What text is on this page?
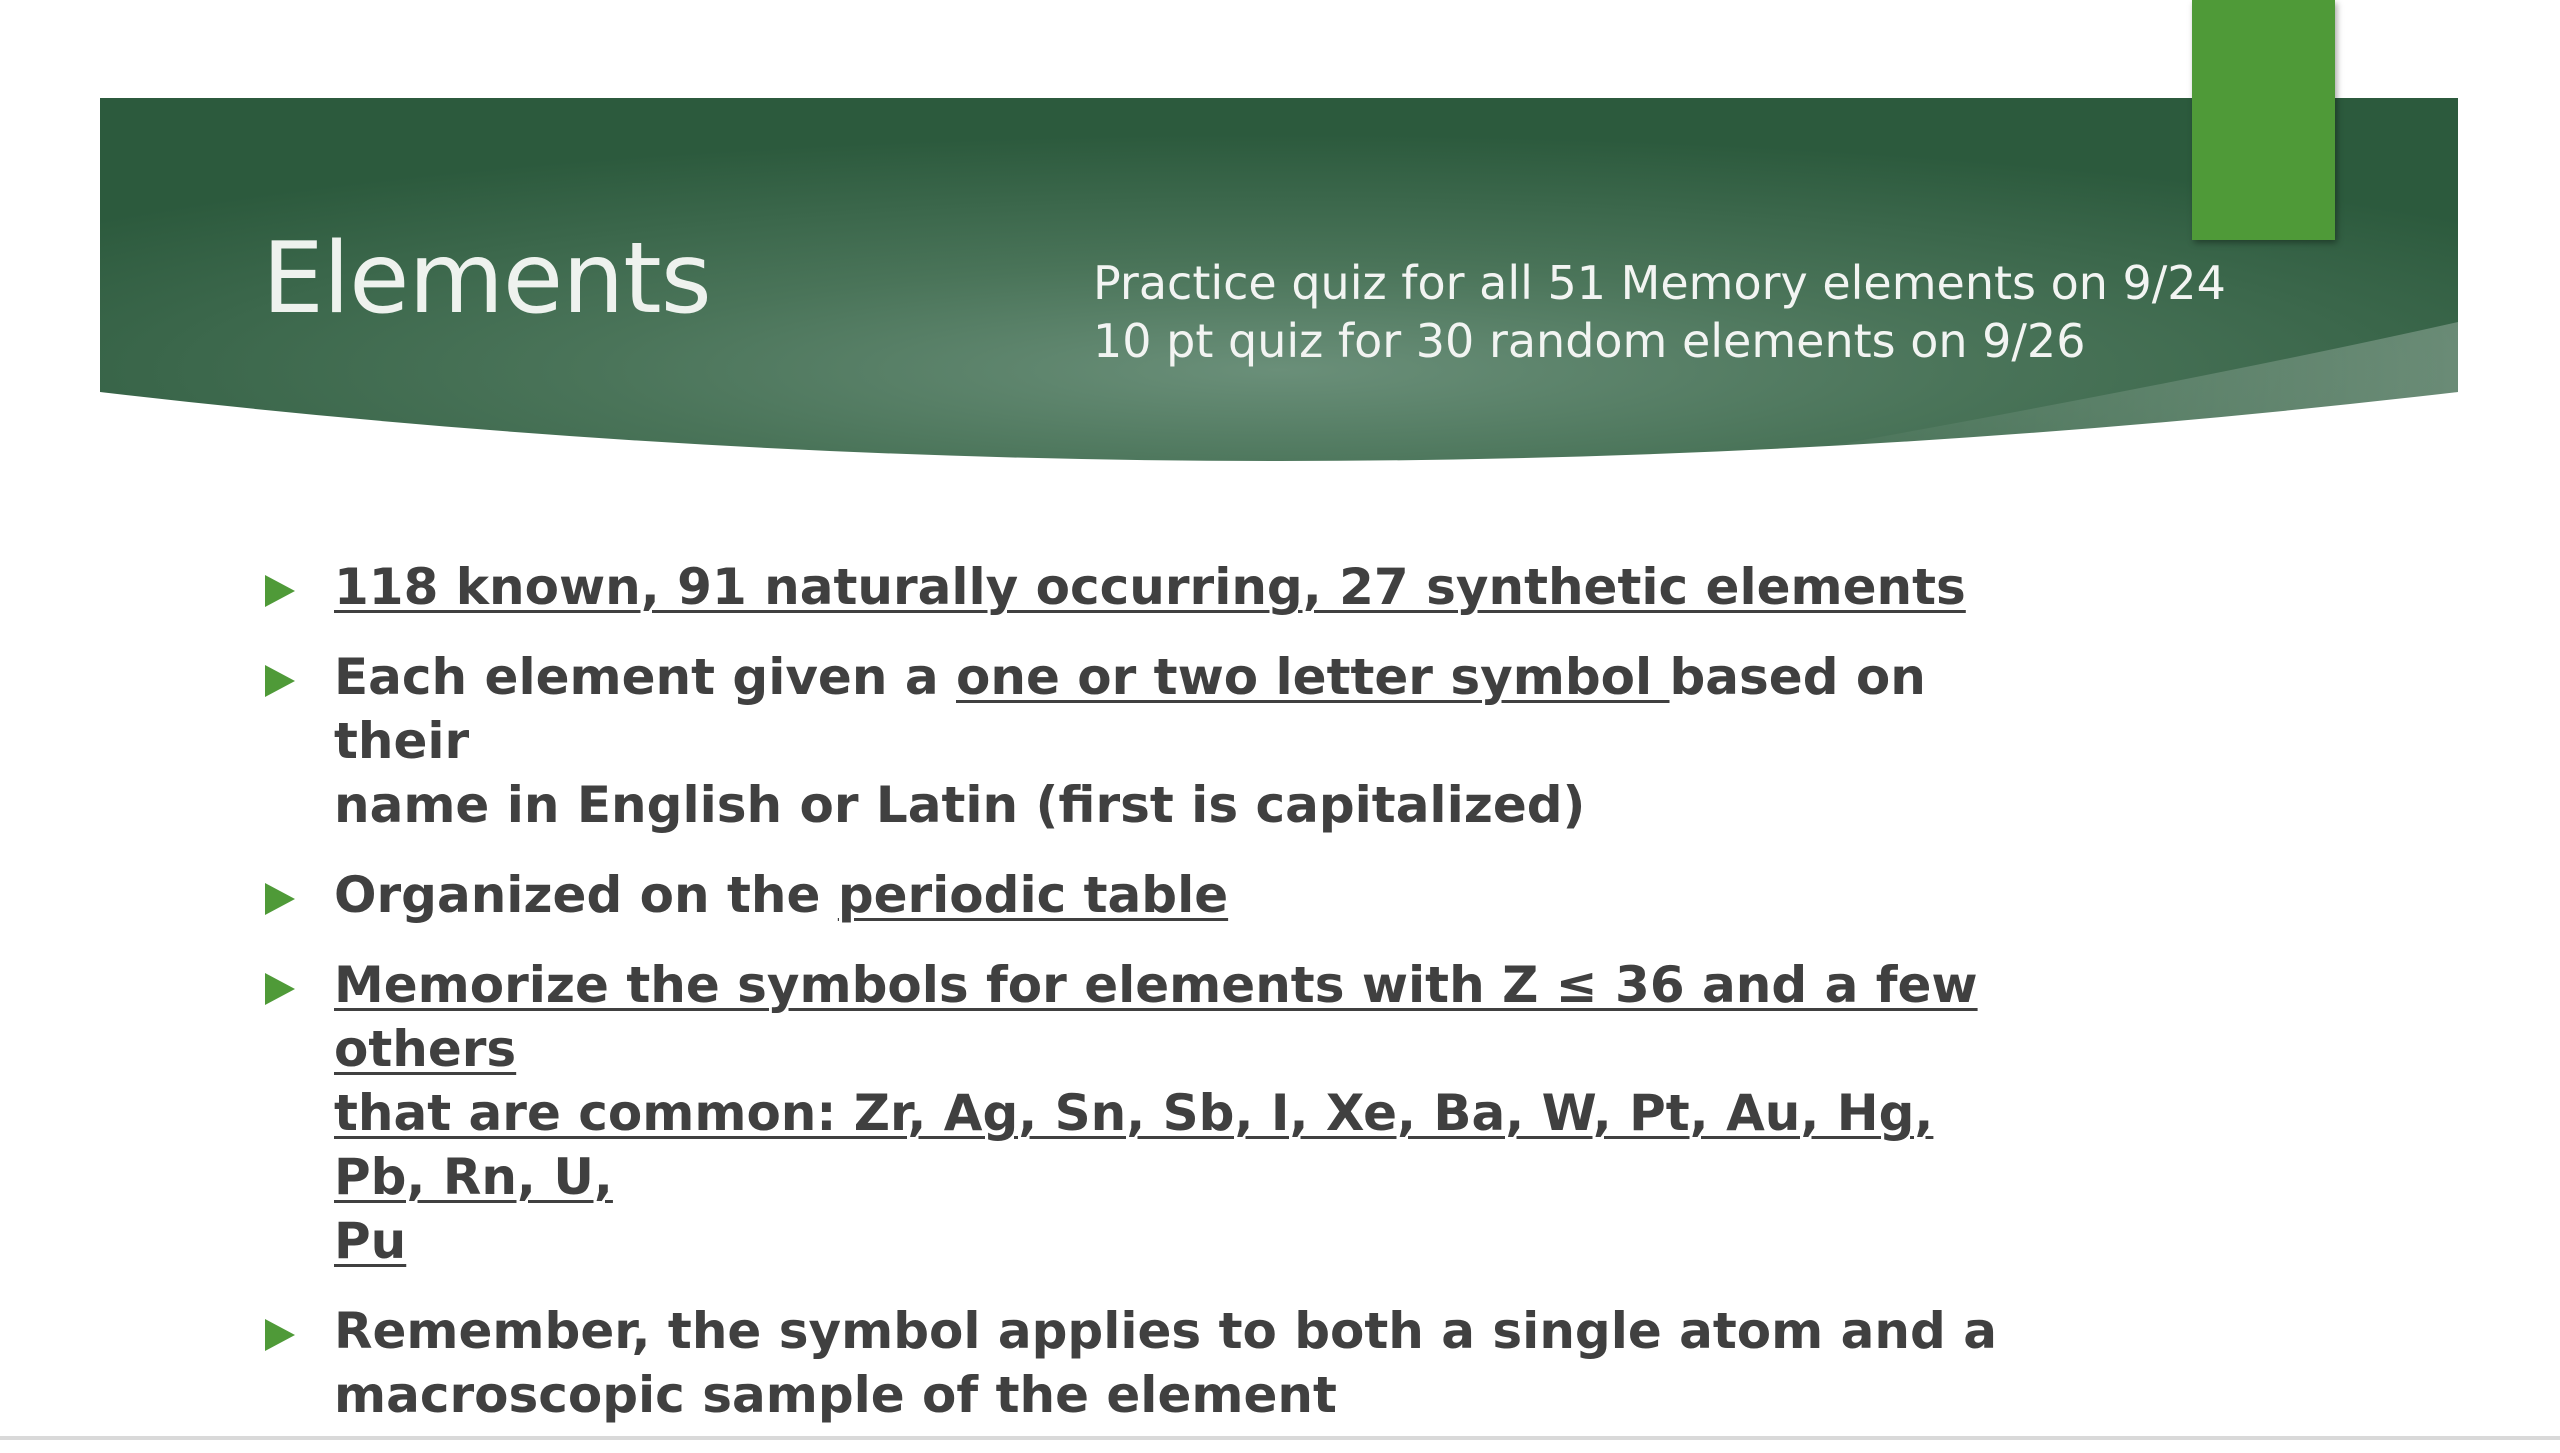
Elements	Practice quiz for all 51 Memory elements on 9/24
10 pt quiz for 30 random elements on 9/26
118 known, 91 naturally occurring, 27 synthetic elements
Each element given a one or two letter symbol based on their
name in English or Latin (first is capitalized)
Organized on the periodic table
Memorize the symbols for elements with Z ≤ 36 and a few others
that are common: Zr, Ag, Sn, Sb, I, Xe, Ba, W, Pt, Au, Hg, Pb, Rn, U,
Pu
Remember, the symbol applies to both a single atom and a
macroscopic sample of the element
